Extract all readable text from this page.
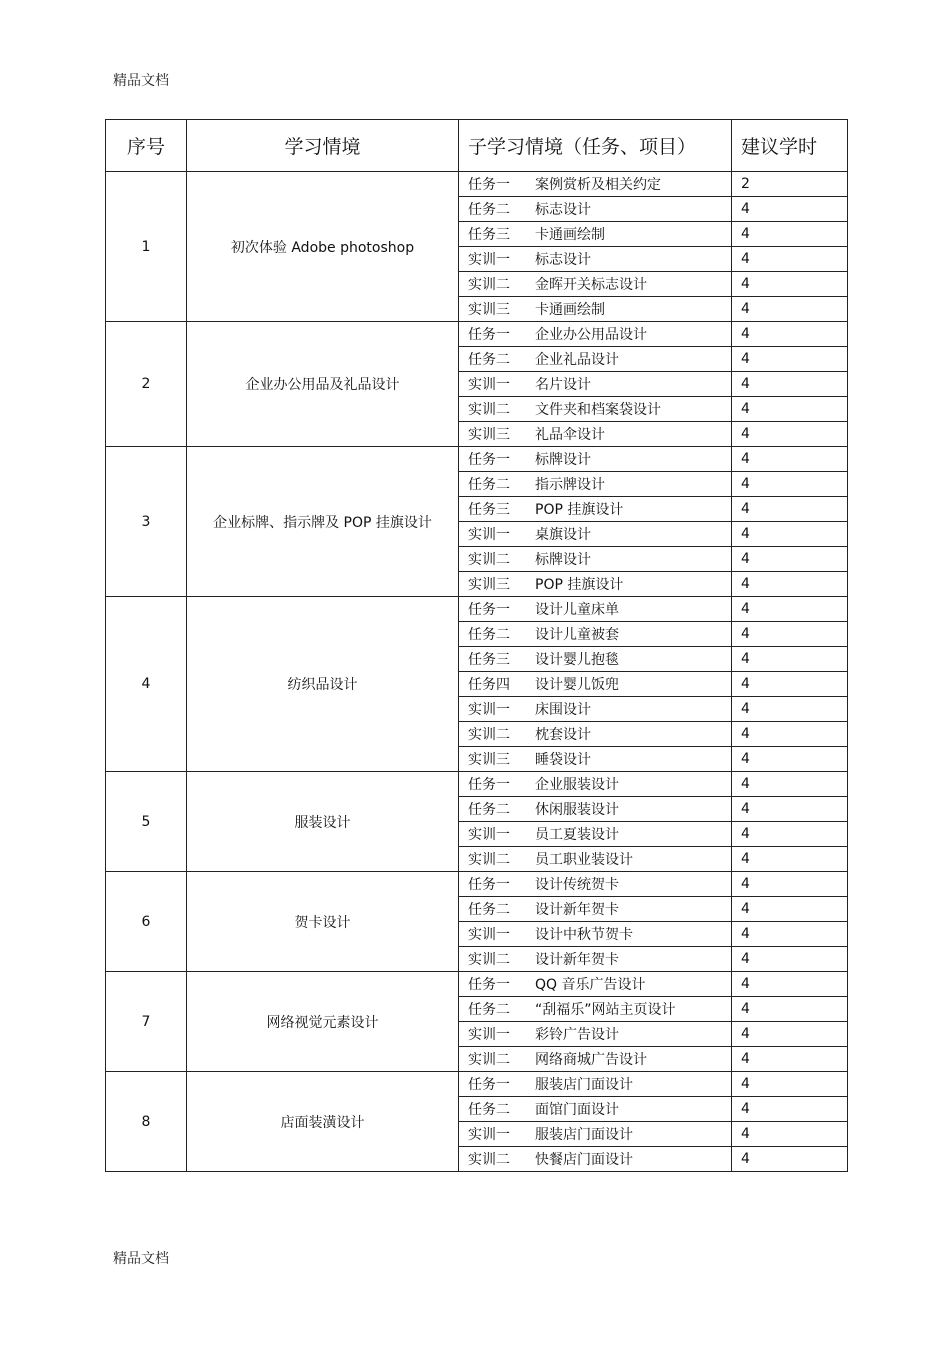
精品文档
序号	学习情境	子学习情境（任务、项目）	建议学时
1	初次体验 Adobe photoshop	任务一 案例赏析及相关约定	2
		任务二 标志设计	4
		任务三 卡通画绘制	4
		实训一 标志设计	4
		实训二 金晖开关标志设计	4
		实训三 卡通画绘制	4
2	企业办公用品及礼品设计	任务一 企业办公用品设计	4
		任务二 企业礼品设计	4
		实训一 名片设计	4
		实训二 文件夹和档案袋设计	4
		实训三 礼品伞设计	4
3	企业标牌、指示牌及 POP 挂旗设计	任务一 标牌设计	4
		任务二 指示牌设计	4
		任务三 POP 挂旗设计	4
		实训一 桌旗设计	4
		实训二 标牌设计	4
		实训三 POP 挂旗设计	4
4	纺织品设计	任务一 设计儿童床单	4
		任务二 设计儿童被套	4
		任务三 设计婴儿抱毯	4
		任务四 设计婴儿饭兜	4
		实训一 床围设计	4
		实训二 枕套设计	4
		实训三 睡袋设计	4
5	服装设计	任务一 企业服装设计	4
		任务二 休闲服装设计	4
		实训一 员工夏装设计	4
		实训二 员工职业装设计	4
6	贺卡设计	任务一 设计传统贺卡	4
		任务二 设计新年贺卡	4
		实训一 设计中秋节贺卡	4
		实训二 设计新年贺卡	4
7	网络视觉元素设计	任务一 QQ 音乐广告设计	4
		任务二 “刮福乐”网站主页设计	4
		实训一 彩铃广告设计	4
		实训二 网络商城广告设计	4
8	店面装潢设计	任务一 服装店门面设计	4
		任务二 面馆门面设计	4
		实训一 服装店门面设计	4
		实训二 快餐店门面设计	4
精品文档
